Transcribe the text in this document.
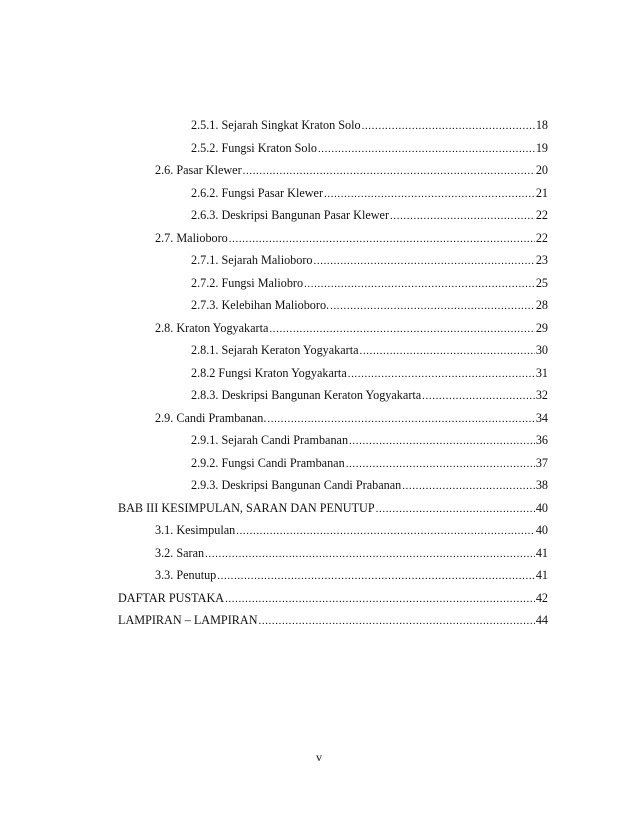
2.5.1. Sejarah Singkat Kraton Solo .....	18
2.5.2. Fungsi Kraton Solo .....	19
2.6. Pasar Klewer .....	20
2.6.2. Fungsi Pasar Klewer .....	21
2.6.3. Deskripsi Bangunan Pasar Klewer .....	22
2.7. Malioboro .....	22
2.7.1. Sejarah Malioboro .....	23
2.7.2. Fungsi Maliobro .....	25
2.7.3. Kelebihan Malioboro. .....	28
2.8. Kraton Yogyakarta .....	29
2.8.1. Sejarah Keraton Yogyakarta .....	30
2.8.2 Fungsi Kraton Yogyakarta .....	31
2.8.3. Deskripsi Bangunan Keraton Yogyakarta .....	32
2.9. Candi Prambanan. .....	34
2.9.1. Sejarah Candi Prambanan .....	36
2.9.2. Fungsi Candi Prambanan .....	37
2.9.3. Deskripsi Bangunan Candi Prabanan .....	38
BAB III KESIMPULAN, SARAN DAN PENUTUP .....	40
3.1. Kesimpulan .....	40
3.2. Saran .....	41
3.3. Penutup .....	41
DAFTAR PUSTAKA .....	42
LAMPIRAN – LAMPIRAN .....	44
v
